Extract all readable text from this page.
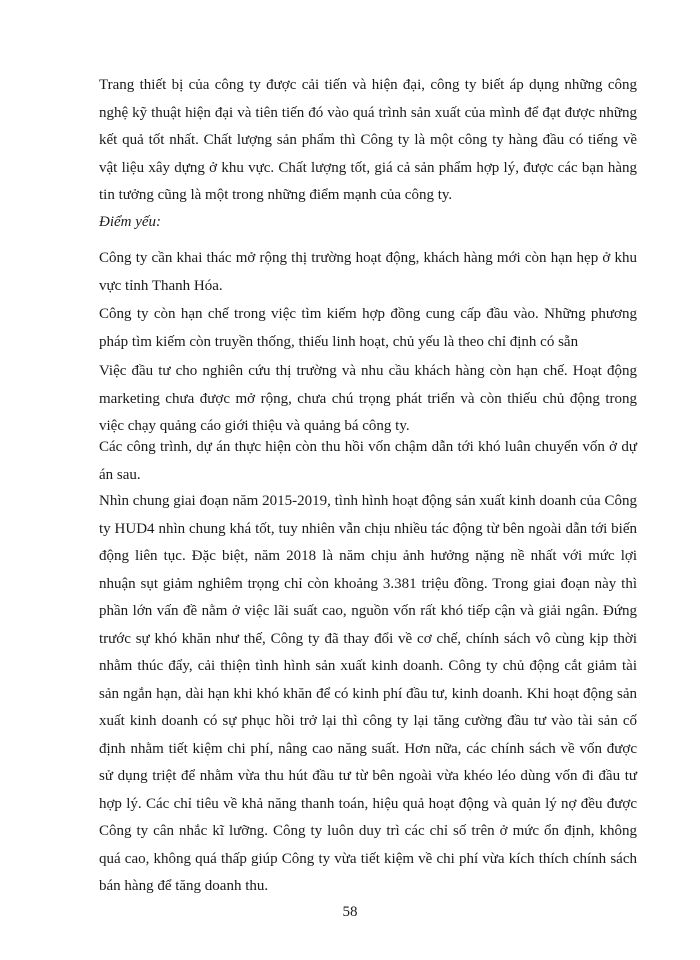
Trang thiết bị của công ty được cải tiến và hiện đại, công ty biết áp dụng những công nghệ kỹ thuật hiện đại và tiên tiến đó vào quá trình sản xuất của mình để đạt được những kết quả tốt nhất. Chất lượng sản phẩm thì Công ty là một công ty hàng đầu có tiếng về vật liệu xây dựng ở khu vực. Chất lượng tốt, giá cả sản phẩm hợp lý, được các bạn hàng tin tưởng cũng là một trong những điểm mạnh của công ty.

Điểm yếu:

Công ty cần khai thác mở rộng thị trường hoạt động, khách hàng mới còn hạn hẹp ở khu vực tỉnh Thanh Hóa.

Công ty còn hạn chế trong việc tìm kiếm hợp đồng cung cấp đầu vào. Những phương pháp tìm kiếm còn truyền thống, thiếu linh hoạt, chủ yếu là theo chỉ định có sẵn

Việc đầu tư cho nghiên cứu thị trường và nhu cầu khách hàng còn hạn chế. Hoạt động marketing chưa được mở rộng, chưa chú trọng phát triển và còn thiếu chủ động trong việc chạy quảng cáo giới thiệu và quảng bá công ty.

Các công trình, dự án thực hiện còn thu hồi vốn chậm dẫn tới khó luân chuyển vốn ở dự án sau.

Nhìn chung giai đoạn năm 2015-2019, tình hình hoạt động sản xuất kinh doanh của Công ty HUD4 nhìn chung khá tốt, tuy nhiên vẫn chịu nhiều tác động từ bên ngoài dẫn tới biến động liên tục. Đặc biệt, năm 2018 là năm chịu ảnh hưởng nặng nề nhất với mức lợi nhuận sụt giảm nghiêm trọng chỉ còn khoảng 3.381 triệu đồng. Trong giai đoạn này thì phần lớn vấn đề nằm ở việc lãi suất cao, nguồn vốn rất khó tiếp cận và giải ngân. Đứng trước sự khó khăn như thế, Công ty đã thay đổi về cơ chế, chính sách vô cùng kịp thời nhằm thúc đẩy, cải thiện tình hình sản xuất kinh doanh. Công ty chủ động cắt giảm tài sản ngắn hạn, dài hạn khi khó khăn để có kinh phí đầu tư, kinh doanh. Khi hoạt động sản xuất kinh doanh có sự phục hồi trở lại thì công ty lại tăng cường đầu tư vào tài sản cố định nhằm tiết kiệm chi phí, nâng cao năng suất. Hơn nữa, các chính sách về vốn được sử dụng triệt để nhằm vừa thu hút đầu tư từ bên ngoài vừa khéo léo dùng vốn đi đầu tư hợp lý. Các chỉ tiêu về khả năng thanh toán, hiệu quả hoạt động và quản lý nợ đều được Công ty cân nhắc kĩ lưỡng. Công ty luôn duy trì các chỉ số trên ở mức ổn định, không quá cao, không quá thấp giúp Công ty vừa tiết kiệm về chi phí vừa kích thích chính sách bán hàng để tăng doanh thu.

58
